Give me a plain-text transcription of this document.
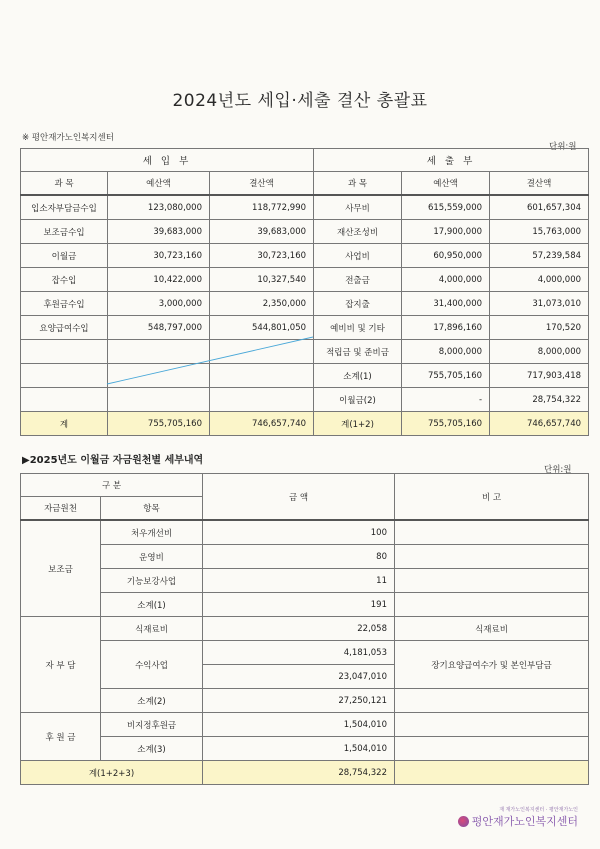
2024년도 세입·세출 결산 총괄표
※ 평안재가노인복지센터
단위:원
세 입 부			세 출 부		
과 목	예산액	결산액	과 목	예산액	결산액
입소자부담금수입	123,080,000	118,772,990	사무비	615,559,000	601,657,304
보조금수입	39,683,000	39,683,000	재산조성비	17,900,000	15,763,000
이월금	30,723,160	30,723,160	사업비	60,950,000	57,239,584
잡수입	10,422,000	10,327,540	전출금	4,000,000	4,000,000
후원금수입	3,000,000	2,350,000	잡지출	31,400,000	31,073,010
요양급여수입	548,797,000	544,801,050	예비비 및 기타	17,896,160	170,520
			적립금 및 준비금	8,000,000	8,000,000
			소계(1)	755,705,160	717,903,418
			이월금(2)	-	28,754,322
계	755,705,160	746,657,740	계(1+2)	755,705,160	746,657,740
▶2025년도 이월금 자금원천별 세부내역
단위:원
구 분		금 액	비 고
자금원천	항목		
보조금	처우개선비	100	
	운영비	80	
	기능보강사업	11	
	소계(1)	191	
자 부 담	식재료비	22,058	식재료비
	수익사업	4,181,053	장기요양급여수가 및 본인부담금
		23,047,010	
	소계(2)	27,250,121	
후 원 금	비지정후원금	1,504,010	
	소계(3)	1,504,010	
계(1+2+3)		28,754,322	
재 재가노인복지센터 · 평안재가노인
평안재가노인복지센터
